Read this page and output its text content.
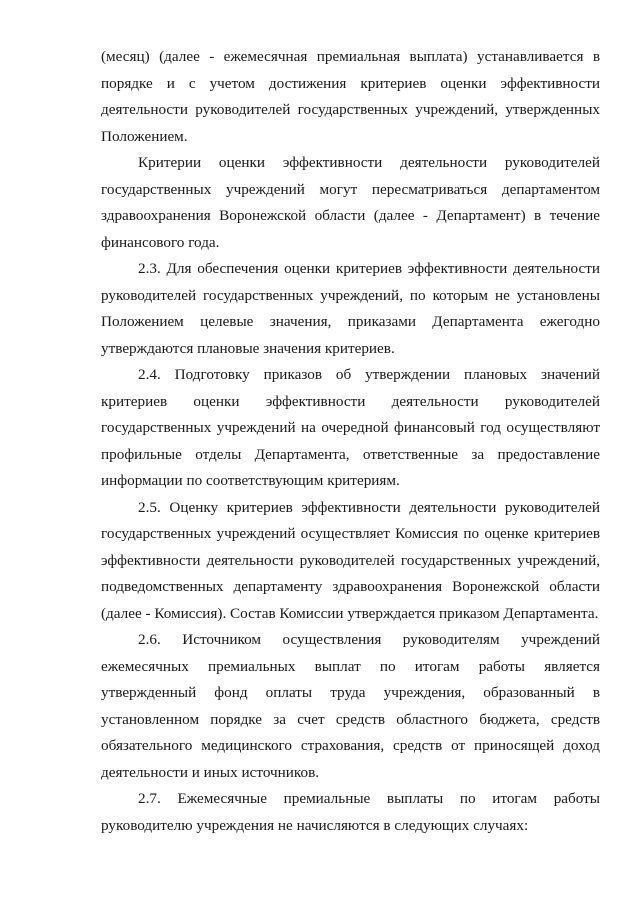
(месяц) (далее - ежемесячная премиальная выплата) устанавливается в порядке и с учетом достижения критериев оценки эффективности деятельности руководителей государственных учреждений, утвержденных Положением.

Критерии оценки эффективности деятельности руководителей государственных учреждений могут пересматриваться департаментом здравоохранения Воронежской области (далее - Департамент) в течение финансового года.

2.3. Для обеспечения оценки критериев эффективности деятельности руководителей государственных учреждений, по которым не установлены Положением целевые значения, приказами Департамента ежегодно утверждаются плановые значения критериев.

2.4. Подготовку приказов об утверждении плановых значений критериев оценки эффективности деятельности руководителей государственных учреждений на очередной финансовый год осуществляют профильные отделы Департамента, ответственные за предоставление информации по соответствующим критериям.

2.5. Оценку критериев эффективности деятельности руководителей государственных учреждений осуществляет Комиссия по оценке критериев эффективности деятельности руководителей государственных учреждений, подведомственных департаменту здравоохранения Воронежской области (далее - Комиссия). Состав Комиссии утверждается приказом Департамента.

2.6. Источником осуществления руководителям учреждений ежемесячных премиальных выплат по итогам работы является утвержденный фонд оплаты труда учреждения, образованный в установленном порядке за счет средств областного бюджета, средств обязательного медицинского страхования, средств от приносящей доход деятельности и иных источников.

2.7. Ежемесячные премиальные выплаты по итогам работы руководителю учреждения не начисляются в следующих случаях:
